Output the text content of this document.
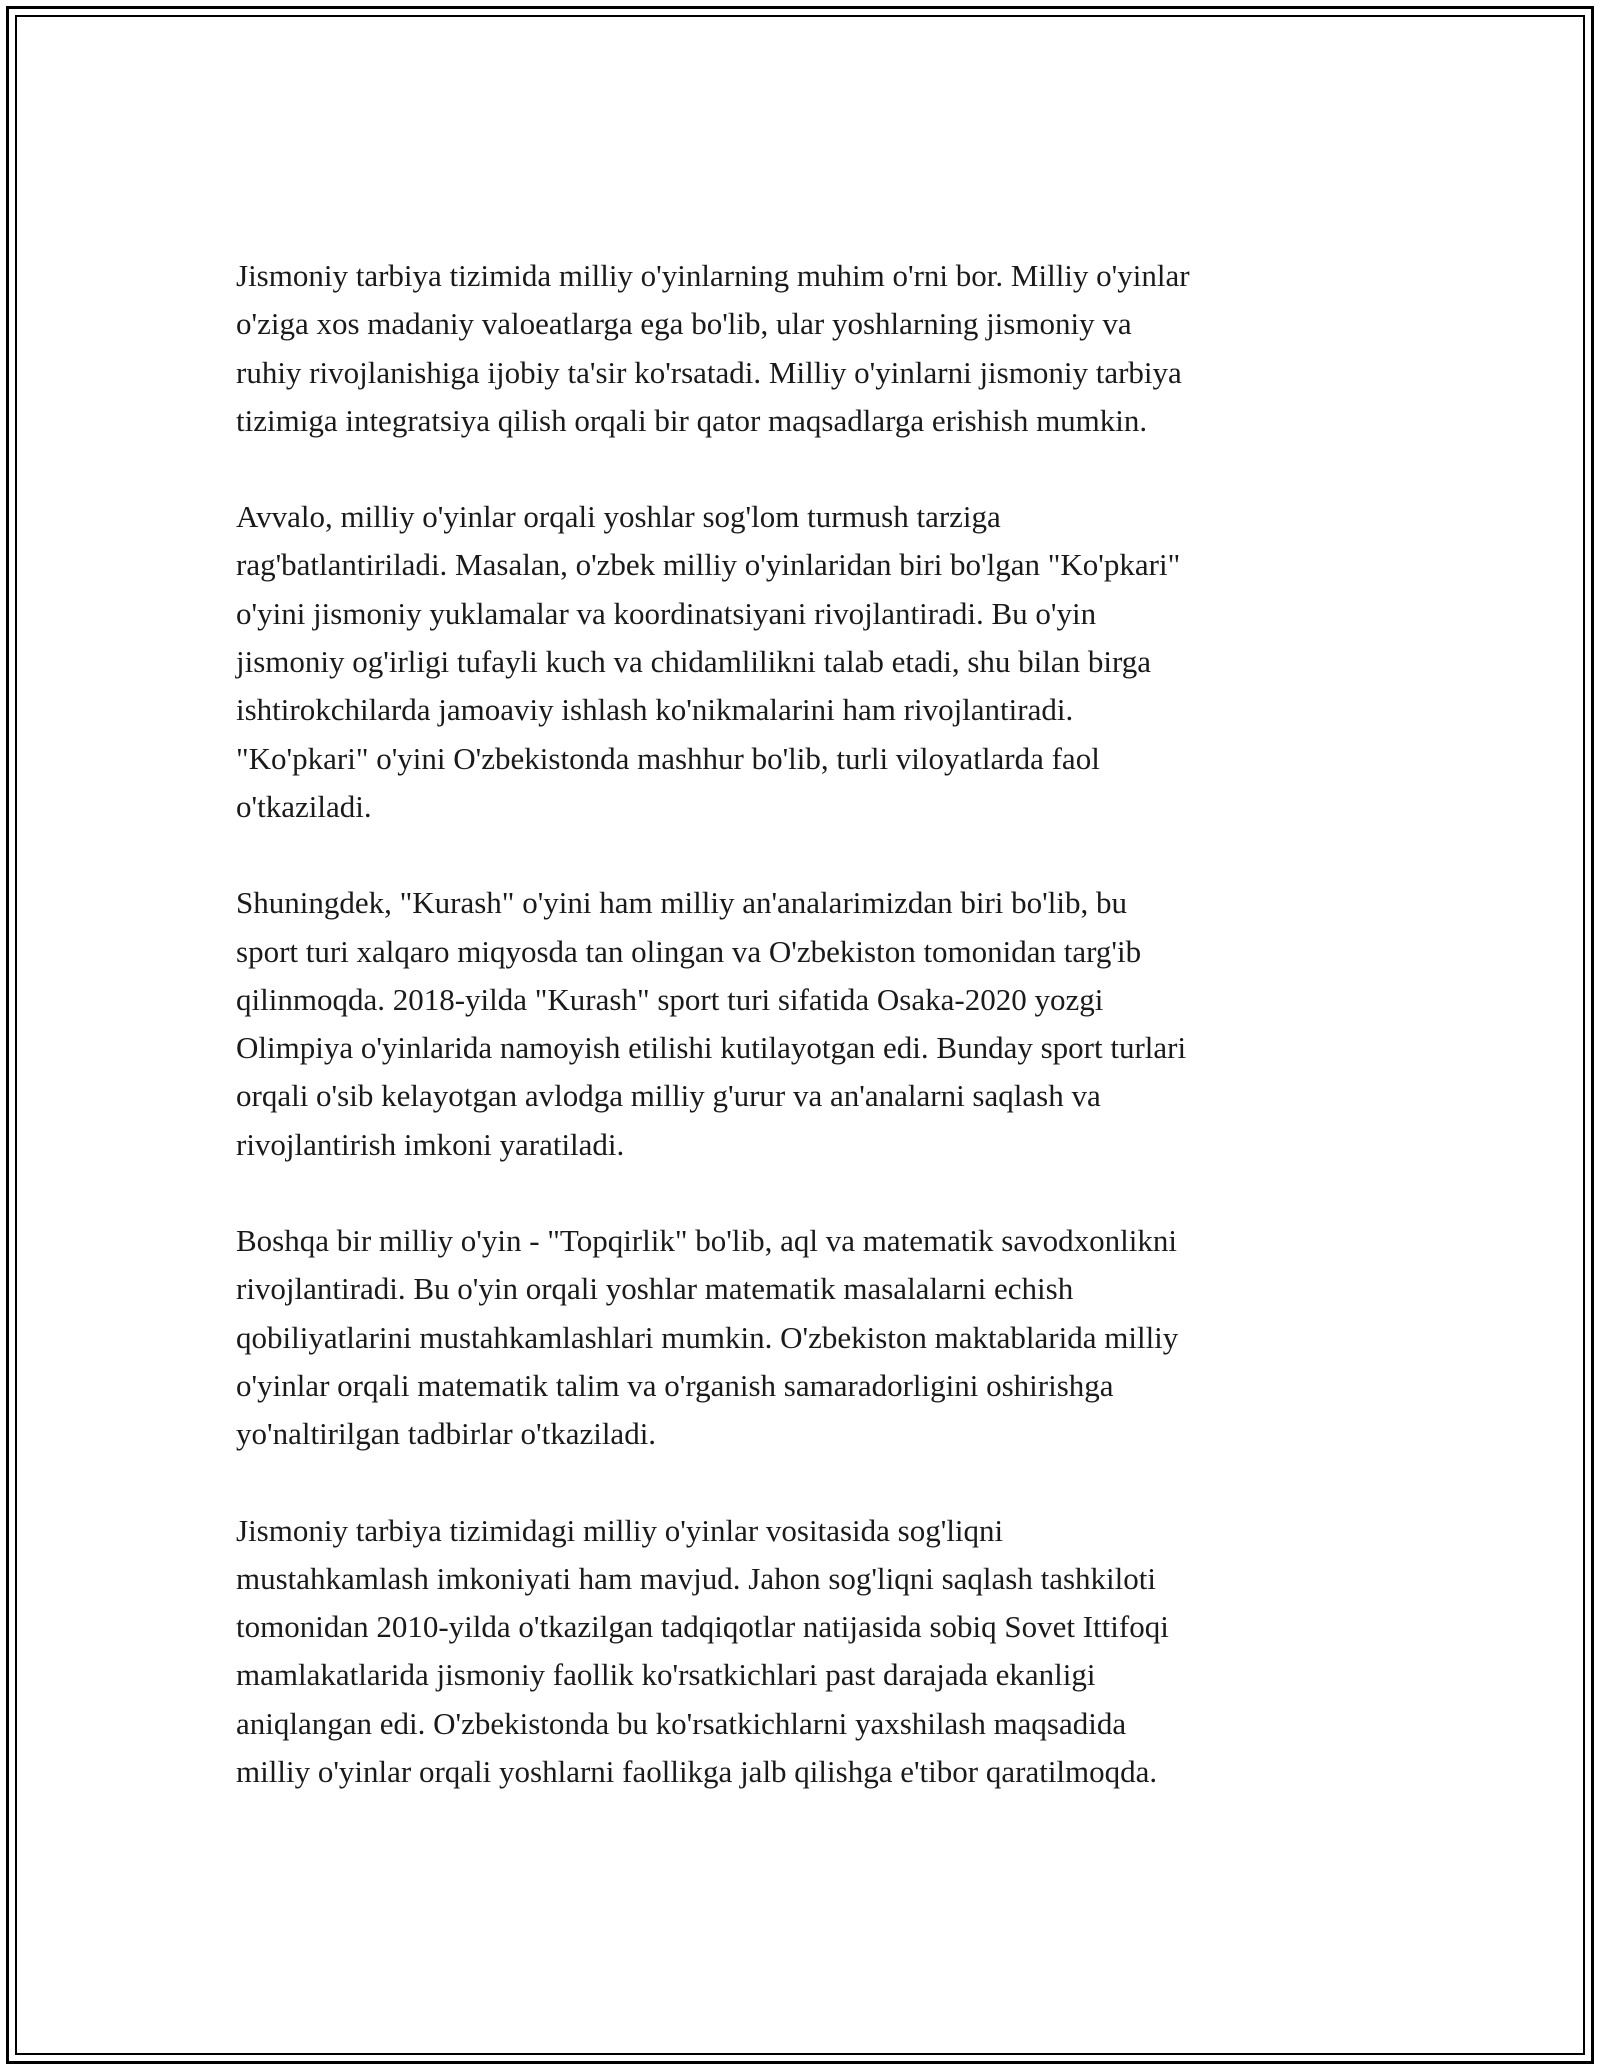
Jismoniy tarbiya tizimida milliy o'yinlarning muhim o'rni bor. Milliy o'yinlar
o'ziga xos madaniy valoeatlarga ega bo'lib, ular yoshlarning jismoniy va
ruhiy rivojlanishiga ijobiy ta'sir ko'rsatadi. Milliy o'yinlarni jismoniy tarbiya
tizimiga integratsiya qilish orqali bir qator maqsadlarga erishish mumkin.

Avvalo, milliy o'yinlar orqali yoshlar sog'lom turmush tarziga
rag'batlantiriladi. Masalan, o'zbek milliy o'yinlaridan biri bo'lgan "Ko'pkari"
o'yini jismoniy yuklamalar va koordinatsiyani rivojlantiradi. Bu o'yin
jismoniy og'irligi tufayli kuch va chidamlilikni talab etadi, shu bilan birga
ishtirokchilarda jamoaviy ishlash ko'nikmalarini ham rivojlantiradi.
"Ko'pkari" o'yini O'zbekistonda mashhur bo'lib, turli viloyatlarda faol
o'tkaziladi.

Shuningdek, "Kurash" o'yini ham milliy an'analarimizdan biri bo'lib, bu
sport turi xalqaro miqyosda tan olingan va O'zbekiston tomonidan targ'ib
qilinmoqda. 2018-yilda "Kurash" sport turi sifatida Osaka-2020 yozgi
Olimpiya o'yinlarida namoyish etilishi kutilayotgan edi. Bunday sport turlari
orqali o'sib kelayotgan avlodga milliy g'urur va an'analarni saqlash va
rivojlantirish imkoni yaratiladi.

Boshqa bir milliy o'yin - "Topqirlik" bo'lib, aql va matematik savodxonlikni
rivojlantiradi. Bu o'yin orqali yoshlar matematik masalalarni echish
qobiliyatlarini mustahkamlashlari mumkin. O'zbekiston maktablarida milliy
o'yinlar orqali matematik talim va o'rganish samaradorligini oshirishga
yo'naltirilgan tadbirlar o'tkaziladi.

Jismoniy tarbiya tizimidagi milliy o'yinlar vositasida sog'liqni
mustahkamlash imkoniyati ham mavjud. Jahon sog'liqni saqlash tashkiloti
tomonidan 2010-yilda o'tkazilgan tadqiqotlar natijasida sobiq Sovet Ittifoqi
mamlakatlarida jismoniy faollik ko'rsatkichlari past darajada ekanligi
aniqlangan edi. O'zbekistonda bu ko'rsatkichlarni yaxshilash maqsadida
milliy o'yinlar orqali yoshlarni faollikga jalb qilishga e'tibor qaratilmoqda.
